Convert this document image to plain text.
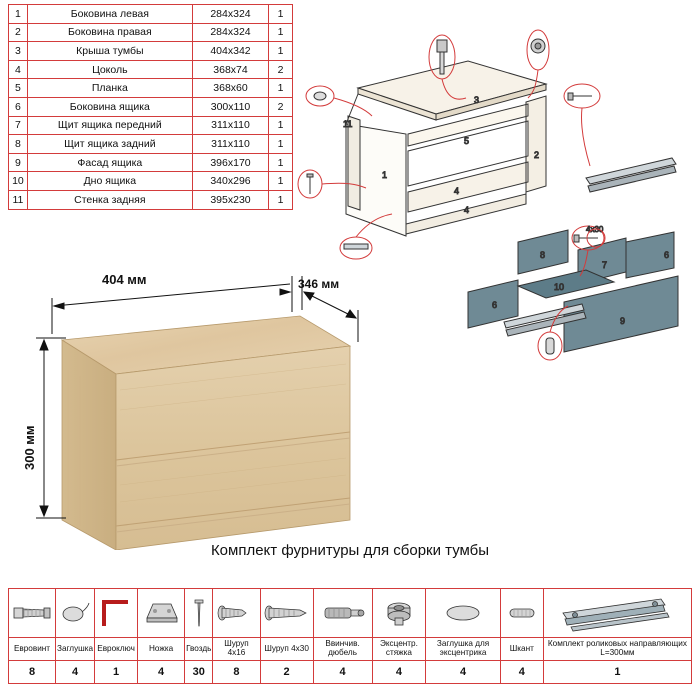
1	Боковина левая	284х324	1
2	Боковина правая	284х324	1
3	Крыша тумбы	404х342	1
4	Цоколь	368х74	2
5	Планка	368х60	1
6	Боковина ящика	300х110	2
7	Щит ящика передний	311х110	1
8	Щит ящика задний	311х110	1
9	Фасад ящика	396х170	1
10	Дно ящика	340х296	1
11	Стенка задняя	395х230	1
1
2
3
4
4
5
11
8	6
7
6
10
9
4х30
404 мм	346 мм
300 мм
Комплект фурнитуры для сборки тумбы

Евровинт	Заглушка	Евроключ	Ножка	Гвоздь	Шуруп 4х16	Шуруп 4х30	Ввинчив. дюбель	Эксцентр. стяжка	Заглушка для эксцентрика	Шкант	Комплект роликовых направляющих L=300мм
8	4	1	4	30	8	2	4	4	4	4	1
